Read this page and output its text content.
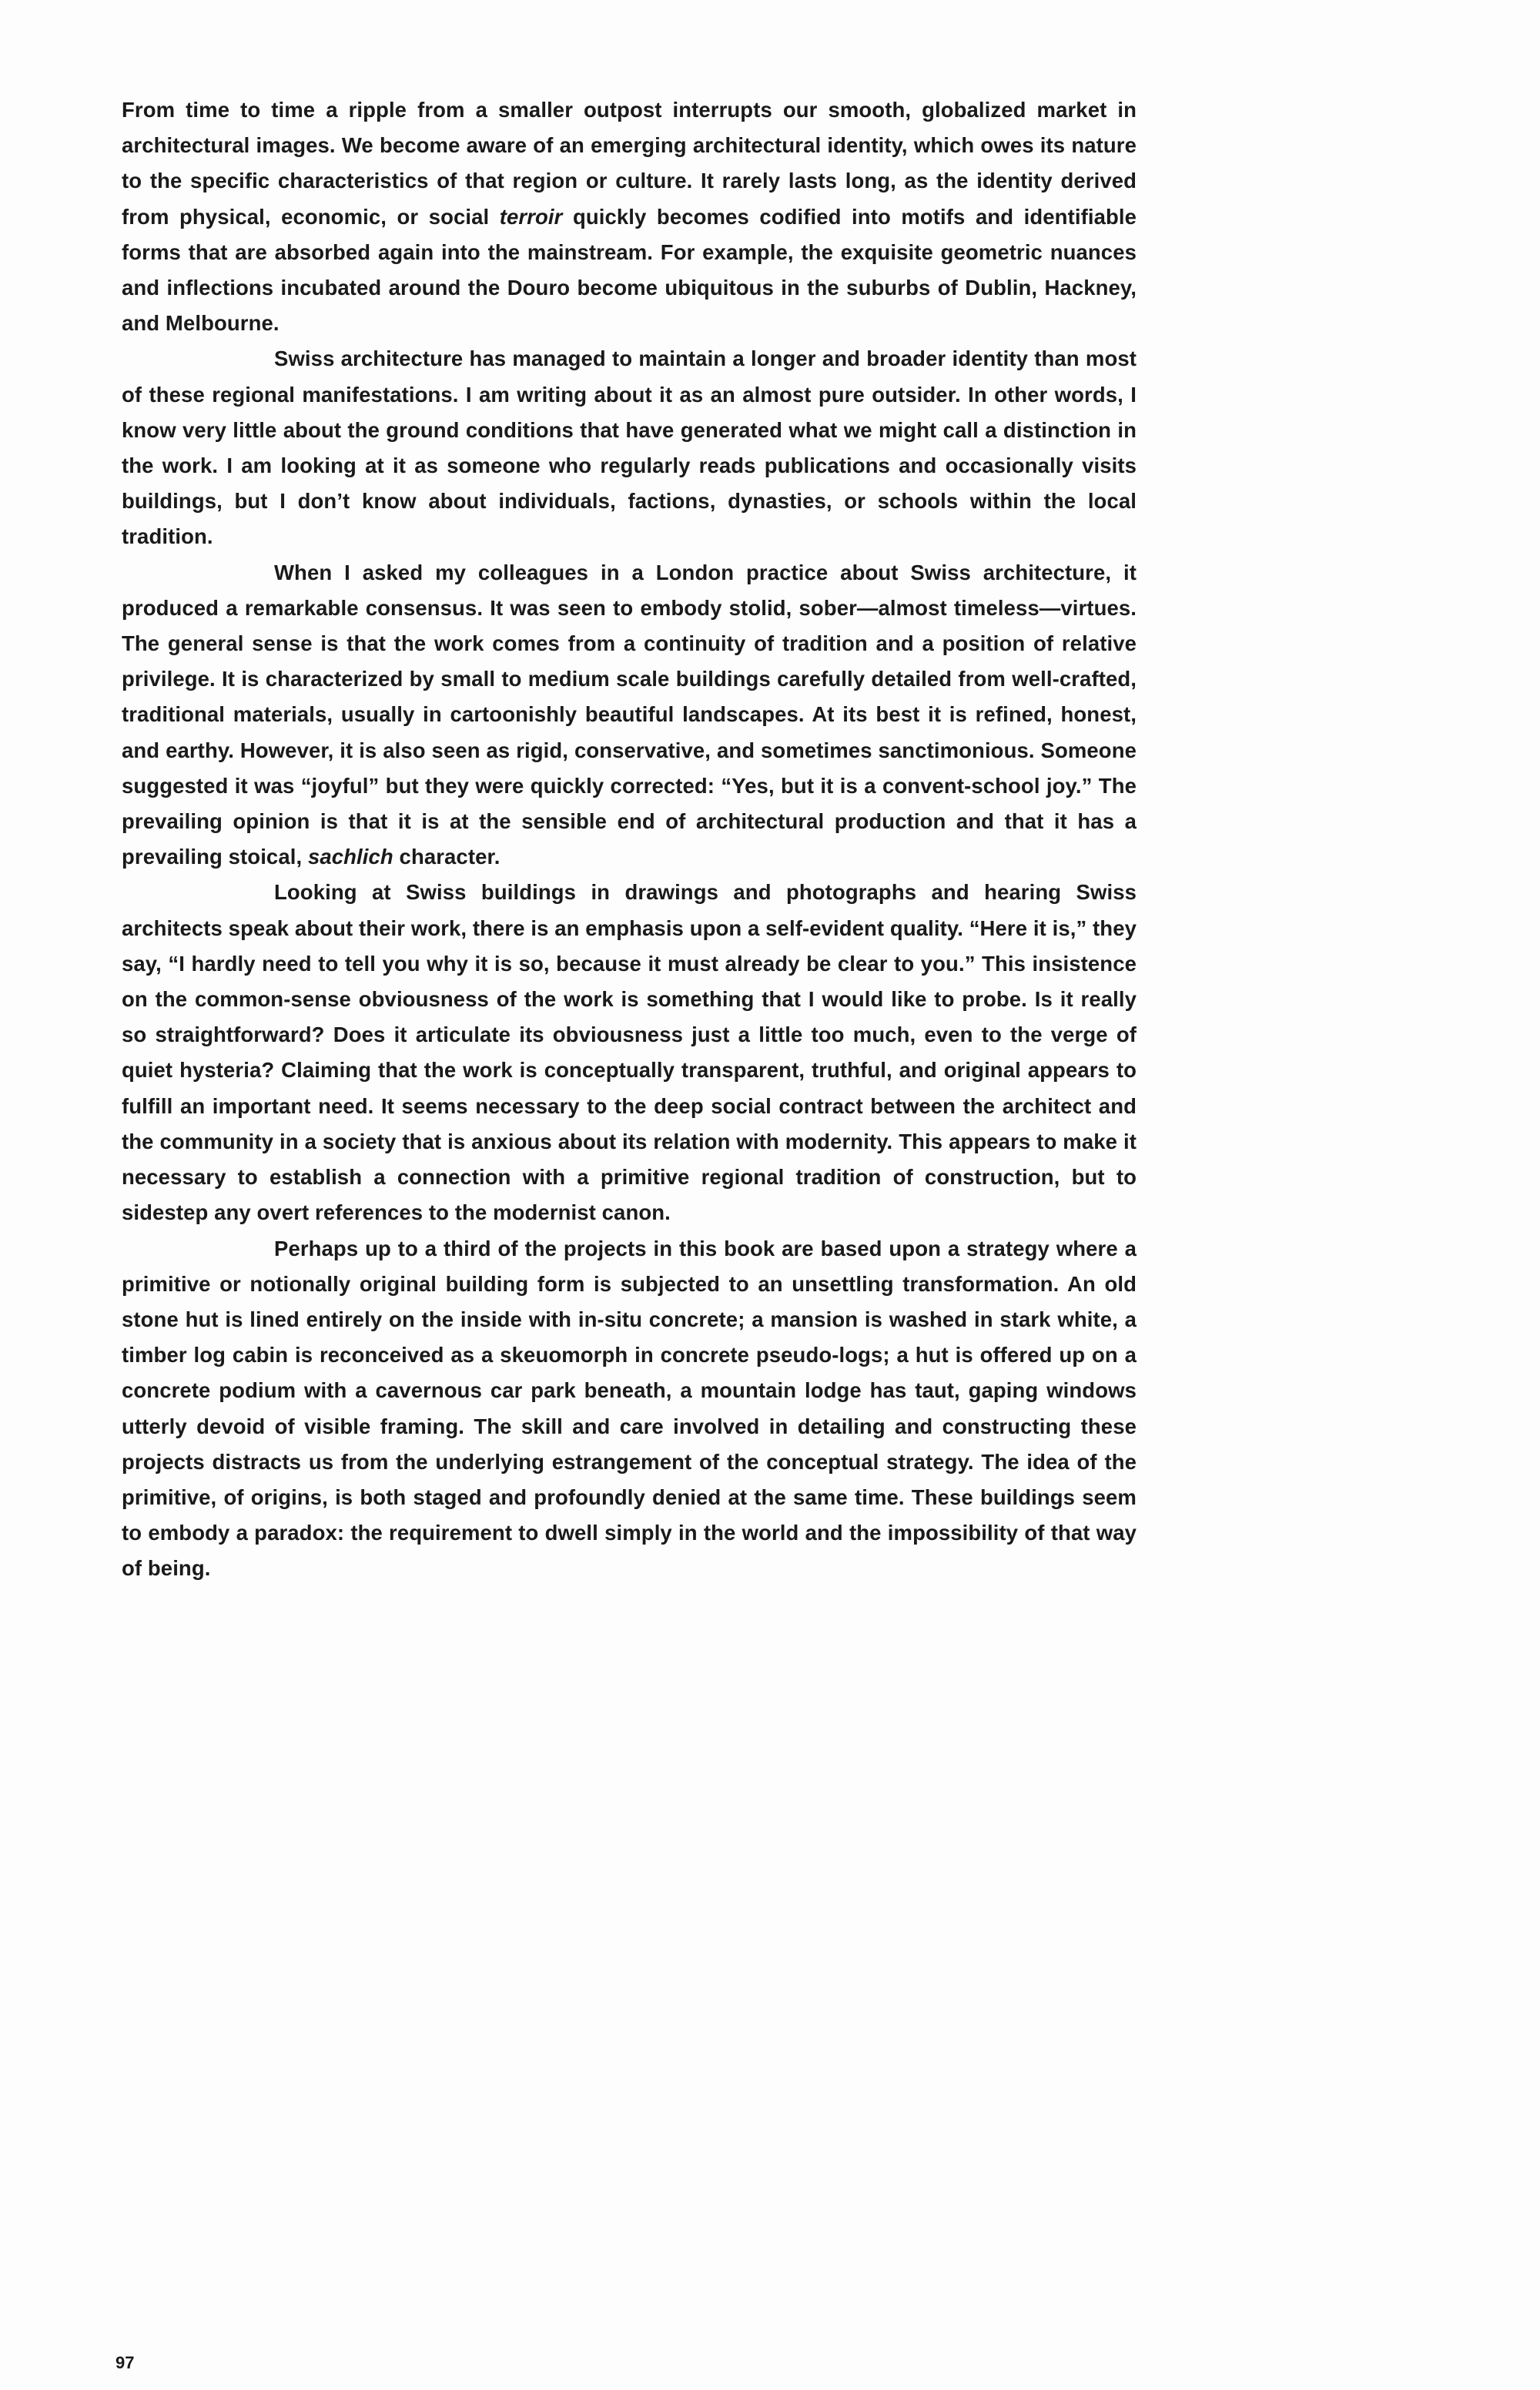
From time to time a ripple from a smaller outpost interrupts our smooth, globalized market in architectural images. We become aware of an emerging architectural identity, which owes its nature to the specific characteristics of that region or culture. It rarely lasts long, as the identity derived from physical, economic, or social terroir quickly becomes codified into motifs and identifiable forms that are absorbed again into the mainstream. For example, the exquisite geometric nuances and inflections incubated around the Douro become ubiquitous in the suburbs of Dublin, Hackney, and Melbourne.

Swiss architecture has managed to maintain a longer and broader identity than most of these regional manifestations. I am writing about it as an almost pure outsider. In other words, I know very little about the ground conditions that have generated what we might call a distinction in the work. I am looking at it as someone who regularly reads publications and occasionally visits buildings, but I don’t know about individuals, factions, dynasties, or schools within the local tradition.

When I asked my colleagues in a London practice about Swiss architecture, it produced a remarkable consensus. It was seen to embody stolid, sober—almost timeless—virtues. The general sense is that the work comes from a continuity of tradition and a position of relative privilege. It is characterized by small to medium scale buildings carefully detailed from well-crafted, traditional materials, usually in cartoonishly beautiful landscapes. At its best it is refined, honest, and earthy. However, it is also seen as rigid, conservative, and sometimes sanctimonious. Someone suggested it was “joyful” but they were quickly corrected: “Yes, but it is a convent-school joy.” The prevailing opinion is that it is at the sensible end of architectural production and that it has a prevailing stoical, sachlich character.

Looking at Swiss buildings in drawings and photographs and hearing Swiss architects speak about their work, there is an emphasis upon a self-evident quality. “Here it is,” they say, “I hardly need to tell you why it is so, because it must already be clear to you.” This insistence on the common-sense obviousness of the work is something that I would like to probe. Is it really so straightforward? Does it articulate its obviousness just a little too much, even to the verge of quiet hysteria? Claiming that the work is conceptually transparent, truthful, and original appears to fulfill an important need. It seems necessary to the deep social contract between the architect and the community in a society that is anxious about its relation with modernity. This appears to make it necessary to establish a connection with a primitive regional tradition of construction, but to sidestep any overt references to the modernist canon.

Perhaps up to a third of the projects in this book are based upon a strategy where a primitive or notionally original building form is subjected to an unsettling transformation. An old stone hut is lined entirely on the inside with in-situ concrete; a mansion is washed in stark white, a timber log cabin is reconceived as a skeuomorph in concrete pseudo-logs; a hut is offered up on a concrete podium with a cavernous car park beneath, a mountain lodge has taut, gaping windows utterly devoid of visible framing. The skill and care involved in detailing and constructing these projects distracts us from the underlying estrangement of the conceptual strategy. The idea of the primitive, of origins, is both staged and profoundly denied at the same time. These buildings seem to embody a paradox: the requirement to dwell simply in the world and the impossibility of that way of being.

97
